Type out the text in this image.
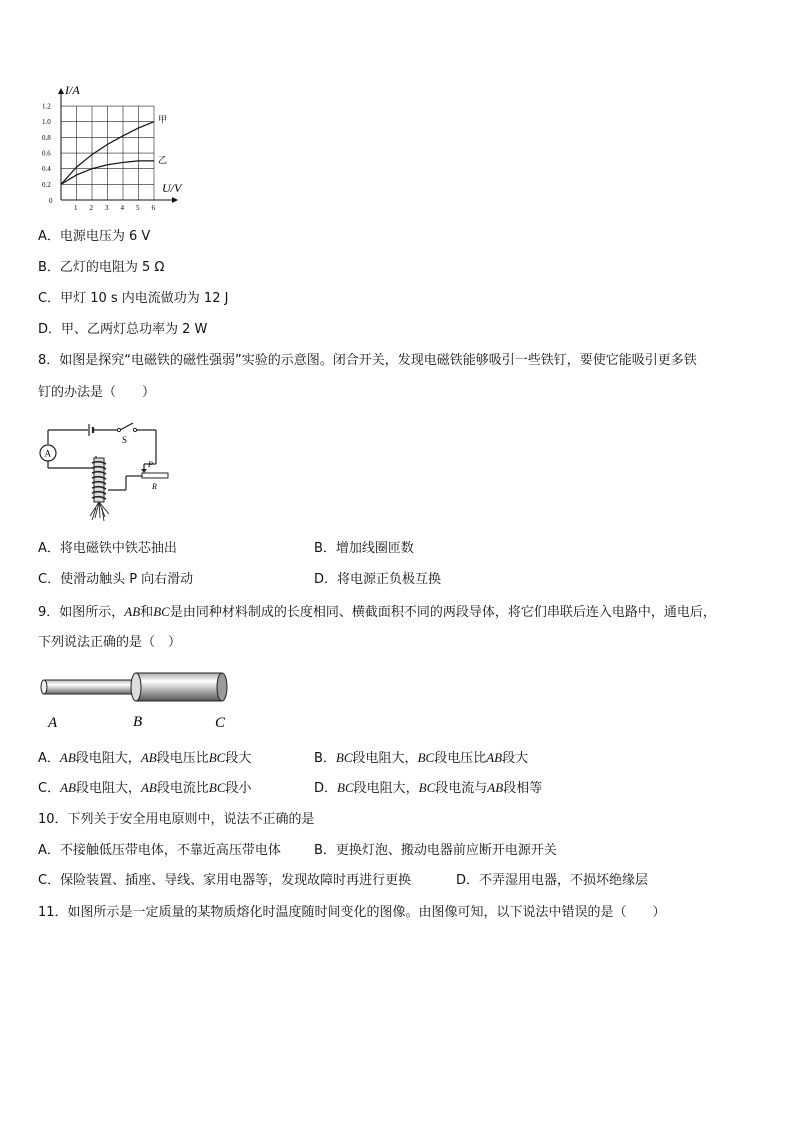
1 2 3 4 5 6
0.2
0.4
0.6
0.8
1.0
1.2
0
I/A
U/V
甲
乙
A．电源电压为 6 V
B．乙灯的电阻为 5 Ω
C．甲灯 10 s 内电流做功为 12 J
D．甲、乙两灯总功率为 2 W
8．如图是探究“电磁铁的磁性强弱”实验的示意图。闭合开关，发现电磁铁能够吸引一些铁钉，要使它能吸引更多铁
钉的办法是（　　）
S
A
P
R
A．将电磁铁中铁芯抽出	B．增加线圈匝数
C．使滑动触头 P 向右滑动	D．将电源正负极互换
9．如图所示，AB和BC是由同种材料制成的长度相同、横截面积不同的两段导体，将它们串联后连入电路中，通电后，
下列说法正确的是（　）
A	B	C
A．AB段电阻大，AB段电压比BC段大	B．BC段电阻大，BC段电压比AB段大
C．AB段电阻大，AB段电流比BC段小	D．BC段电阻大，BC段电流与AB段相等
10．下列关于安全用电原则中，说法不正确的是
A．不接触低压带电体，不靠近高压带电体	B．更换灯泡、搬动电器前应断开电源开关
C．保险装置、插座、导线、家用电器等，发现故障时再进行更换	D．不弄湿用电器，不损坏绝缘层
11．如图所示是一定质量的某物质熔化时温度随时间变化的图像。由图像可知，以下说法中错误的是（　　）
